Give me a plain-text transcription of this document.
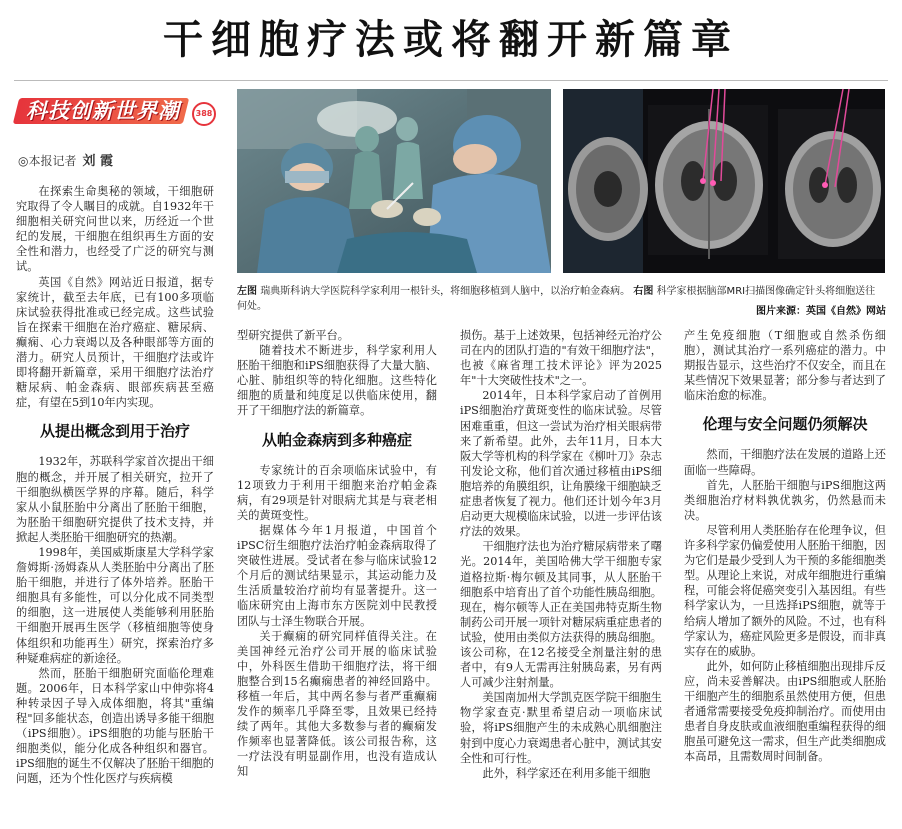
干细胞疗法或将翻开新篇章
科技创新世界潮	388
◎本报记者 刘 霞
左图 瑞典斯科讷大学医院科学家利用一根针头，将细胞移植到人脑中，以治疗帕金森病。 右图 科学家根据脑部MRI扫描图像确定针头将细胞送往何处。	图片来源：英国《自然》网站

在探索生命奥秘的领域，干细胞研究取得了令人瞩目的成就。自1932年干细胞相关研究问世以来，历经近一个世纪的发展，干细胞在组织再生方面的安全性和潜力，也经受了广泛的研究与测试。

英国《自然》网站近日报道，据专家统计，截至去年底，已有100多项临床试验获得批准或已经完成。这些试验旨在探索干细胞在治疗癌症、糖尿病、癫痫、心力衰竭以及各种眼部等方面的潜力。研究人员预计，干细胞疗法或许即将翻开新篇章，采用干细胞疗法治疗糖尿病、帕金森病、眼部疾病甚至癌症，有望在5到10年内实现。

从提出概念到用于治疗

1932年，苏联科学家首次提出干细胞的概念，并开展了相关研究，拉开了干细胞纵横医学界的序幕。随后，科学家从小鼠胚胎中分离出了胚胎干细胞，为胚胎干细胞研究提供了技术支持，并掀起人类胚胎干细胞研究的热潮。

1998年，美国威斯康星大学科学家詹姆斯·汤姆森从人类胚胎中分离出了胚胎干细胞，并进行了体外培养。胚胎干细胞具有多能性，可以分化成不同类型的细胞，这一进展使人类能够利用胚胎干细胞开展再生医学（移植细胞等使身体组织和功能再生）研究，探索治疗多种疑难病症的新途径。

然而，胚胎干细胞研究面临伦理难题。2006年，日本科学家山中伸弥将4种转录因子导入成体细胞，将其"重编程"回多能状态，创造出诱导多能干细胞（iPS细胞）。iPS细胞的功能与胚胎干细胞类似，能分化成各种组织和器官。iPS细胞的诞生不仅解决了胚胎干细胞的问题，还为个性化医疗与疾病模

型研究提供了新平台。

随着技术不断进步，科学家利用人胚胎干细胞和iPS细胞获得了大量大脑、心脏、肺组织等的特化细胞。这些特化细胞的质量和纯度足以供临床使用，翻开了干细胞疗法的新篇章。

从帕金森病到多种癌症

专家统计的百余项临床试验中，有12项致力于利用干细胞来治疗帕金森病，有29项是针对眼病尤其是与衰老相关的黄斑变性。

据媒体今年1月报道，中国首个iPSC衍生细胞疗法治疗帕金森病取得了突破性进展。受试者在参与临床试验12个月后的测试结果显示，其运动能力及生活质量较治疗前均有显著提升。这一临床研究由上海市东方医院刘中民教授团队与士泽生物联合开展。

关于癫痫的研究同样值得关注。在美国神经元治疗公司开展的临床试验中，外科医生借助干细胞疗法，将干细胞整合到15名癫痫患者的神经回路中。移植一年后，其中两名参与者严重癫痫发作的频率几乎降至零，且效果已经持续了两年。其他大多数参与者的癫痫发作频率也显著降低。该公司报告称，这一疗法没有明显副作用，也没有造成认知

损伤。基于上述效果，包括神经元治疗公司在内的团队打造的"有效干细胞疗法"，也被《麻省理工技术评论》评为2025年"十大突破性技术"之一。

2014年，日本科学家启动了首例用iPS细胞治疗黄斑变性的临床试验。尽管困难重重，但这一尝试为治疗相关眼病带来了新希望。此外，去年11月，日本大阪大学等机构的科学家在《柳叶刀》杂志刊发论文称，他们首次通过移植由iPS细胞培养的角膜组织，让角膜缘干细胞缺乏症患者恢复了视力。他们还计划今年3月启动更大规模临床试验，以进一步评估该疗法的效果。

干细胞疗法也为治疗糖尿病带来了曙光。2014年，美国哈佛大学干细胞专家道格拉斯·梅尔顿及其同事，从人胚胎干细胞系中培育出了首个功能性胰岛细胞。现在，梅尔顿等人正在美国弗特克斯生物制药公司开展一项针对糖尿病重症患者的试验，使用由类似方法获得的胰岛细胞。该公司称，在12名接受全剂量注射的患者中，有9人无需再注射胰岛素，另有两人可减少注射剂量。

美国南加州大学凯克医学院干细胞生物学家查克·默里希望启动一项临床试验，将iPS细胞产生的未成熟心肌细胞注射到中度心力衰竭患者心脏中，测试其安全性和可行性。

此外，科学家还在利用多能干细胞

产生免疫细胞（T细胞或自然杀伤细胞），测试其治疗一系列癌症的潜力。中期报告显示，这些治疗不仅安全，而且在某些情况下效果显著；部分参与者达到了临床治愈的标准。

伦理与安全问题仍须解决

然而，干细胞疗法在发展的道路上还面临一些障碍。

首先，人胚胎干细胞与iPS细胞这两类细胞治疗材料孰优孰劣，仍然悬而未决。

尽管利用人类胚胎存在伦理争议，但许多科学家仍偏爱使用人胚胎干细胞，因为它们是最少受到人为干预的多能细胞类型。从理论上来说，对成年细胞进行重编程，可能会将促癌突变引入基因组。有些科学家认为，一旦选择iPS细胞，就等于给病人增加了额外的风险。不过，也有科学家认为，癌症风险更多是假设，而非真实存在的威胁。

此外，如何防止移植细胞出现排斥反应，尚未妥善解决。由iPS细胞或人胚胎干细胞产生的细胞系虽然使用方便，但患者通常需要接受免疫抑制治疗。而使用由患者自身皮肤或血液细胞重编程获得的细胞虽可避免这一需求，但生产此类细胞成本高昂，且需数周时间制备。
